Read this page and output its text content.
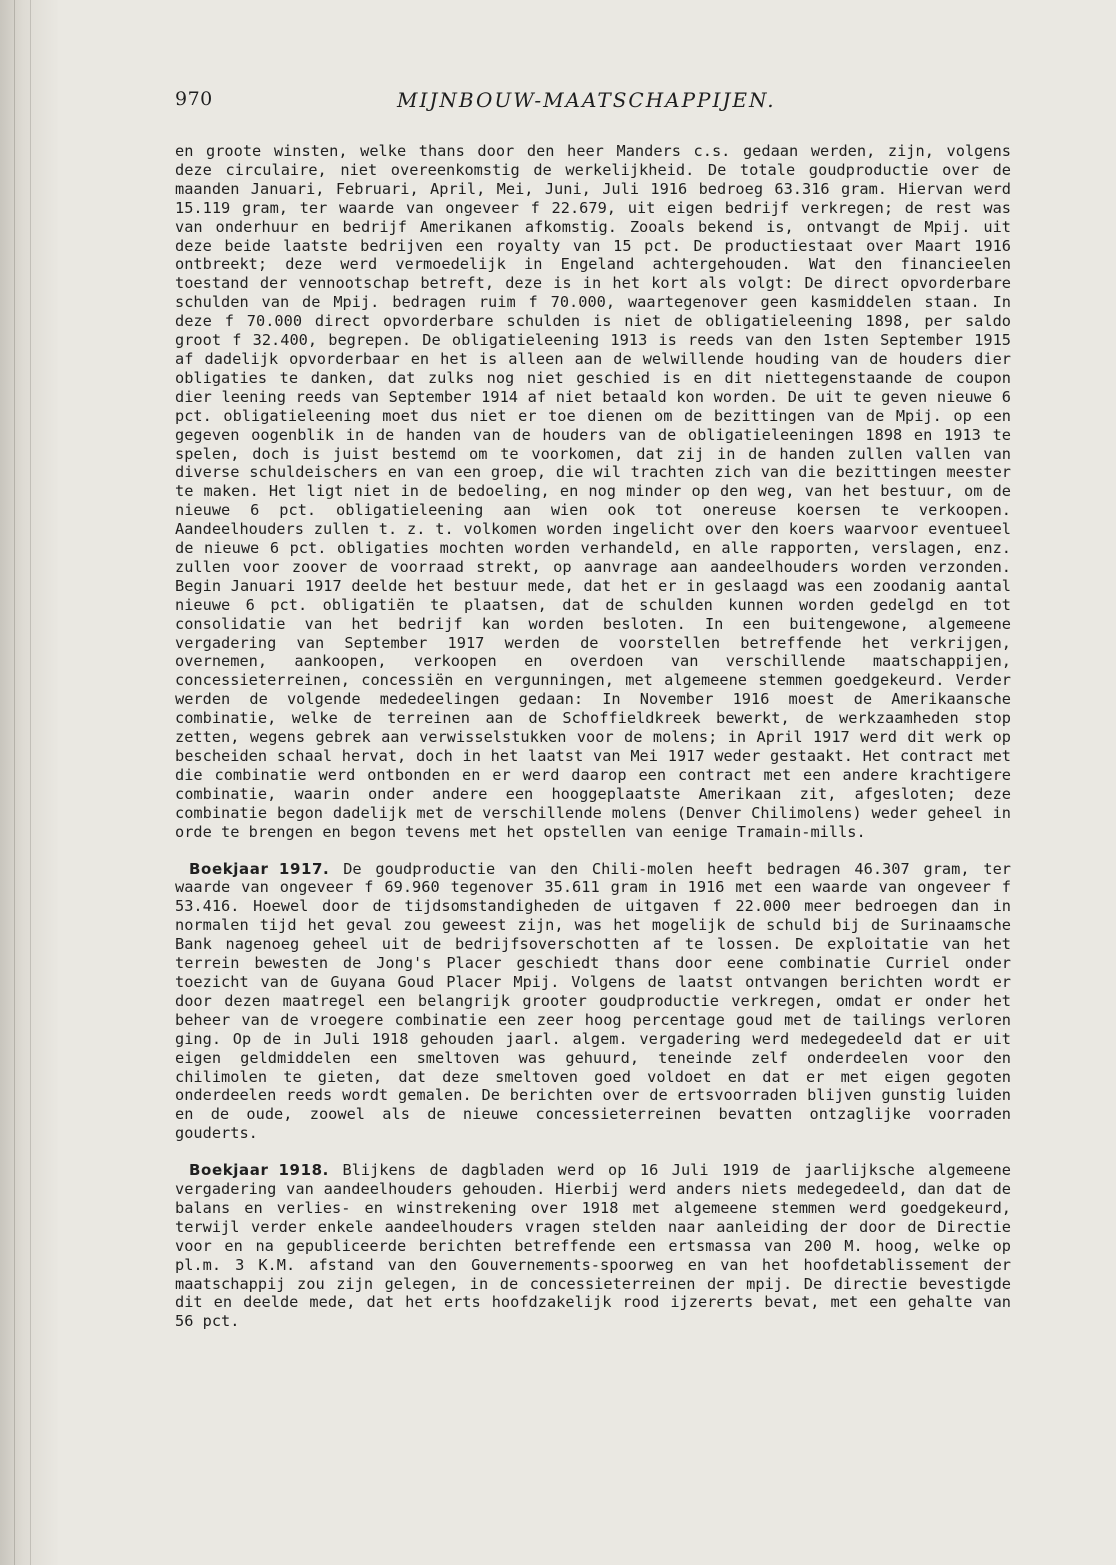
970	MIJNBOUW-MAATSCHAPPIJEN.

en groote winsten, welke thans door den heer Manders c.s. gedaan werden, zijn, volgens deze circulaire, niet overeenkomstig de werkelijkheid. De totale goudproductie over de maanden Januari, Februari, April, Mei, Juni, Juli 1916 bedroeg 63.316 gram. Hiervan werd 15.119 gram, ter waarde van ongeveer f 22.679, uit eigen bedrijf verkregen; de rest was van onderhuur en bedrijf Amerikanen afkomstig. Zooals bekend is, ontvangt de Mpij. uit deze beide laatste bedrijven een royalty van 15 pct. De productiestaat over Maart 1916 ontbreekt; deze werd vermoedelijk in Engeland achtergehouden. Wat den financieelen toestand der vennootschap betreft, deze is in het kort als volgt: De direct opvorderbare schulden van de Mpij. bedragen ruim f 70.000, waartegenover geen kasmiddelen staan. In deze f 70.000 direct opvorderbare schulden is niet de obligatieleening 1898, per saldo groot f 32.400, begrepen. De obligatieleening 1913 is reeds van den 1sten September 1915 af dadelijk opvorderbaar en het is alleen aan de welwillende houding van de houders dier obligaties te danken, dat zulks nog niet geschied is en dit niettegenstaande de coupon dier leening reeds van September 1914 af niet betaald kon worden. De uit te geven nieuwe 6 pct. obligatieleening moet dus niet er toe dienen om de bezittingen van de Mpij. op een gegeven oogenblik in de handen van de houders van de obligatieleeningen 1898 en 1913 te spelen, doch is juist bestemd om te voorkomen, dat zij in de handen zullen vallen van diverse schuldeischers en van een groep, die wil trachten zich van die bezittingen meester te maken. Het ligt niet in de bedoeling, en nog minder op den weg, van het bestuur, om de nieuwe 6 pct. obligatieleening aan wien ook tot onereuse koersen te verkoopen. Aandeelhouders zullen t. z. t. volkomen worden ingelicht over den koers waarvoor eventueel de nieuwe 6 pct. obligaties mochten worden verhandeld, en alle rapporten, verslagen, enz. zullen voor zoover de voorraad strekt, op aanvrage aan aandeelhouders worden verzonden. Begin Januari 1917 deelde het bestuur mede, dat het er in geslaagd was een zoodanig aantal nieuwe 6 pct. obligatiën te plaatsen, dat de schulden kunnen worden gedelgd en tot consolidatie van het bedrijf kan worden besloten. In een buitengewone, algemeene vergadering van September 1917 werden de voorstellen betreffende het verkrijgen, overnemen, aankoopen, verkoopen en overdoen van verschillende maatschappijen, concessieterreinen, concessiën en vergunningen, met algemeene stemmen goedgekeurd. Verder werden de volgende mededeelingen gedaan: In November 1916 moest de Amerikaansche combinatie, welke de terreinen aan de Schoffieldkreek bewerkt, de werkzaamheden stop zetten, wegens gebrek aan verwisselstukken voor de molens; in April 1917 werd dit werk op bescheiden schaal hervat, doch in het laatst van Mei 1917 weder gestaakt. Het contract met die combinatie werd ontbonden en er werd daarop een contract met een andere krachtigere combinatie, waarin onder andere een hooggeplaatste Amerikaan zit, afgesloten; deze combinatie begon dadelijk met de verschillende molens (Denver Chilimolens) weder geheel in orde te brengen en begon tevens met het opstellen van eenige Tramain-mills.

Boekjaar 1917. De goudproductie van den Chili-molen heeft bedragen 46.307 gram, ter waarde van ongeveer f 69.960 tegenover 35.611 gram in 1916 met een waarde van ongeveer f 53.416. Hoewel door de tijdsomstandigheden de uitgaven f 22.000 meer bedroegen dan in normalen tijd het geval zou geweest zijn, was het mogelijk de schuld bij de Surinaamsche Bank nagenoeg geheel uit de bedrijfsoverschotten af te lossen. De exploitatie van het terrein bewesten de Jong's Placer geschiedt thans door eene combinatie Curriel onder toezicht van de Guyana Goud Placer Mpij. Volgens de laatst ontvangen berichten wordt er door dezen maatregel een belangrijk grooter goudproductie verkregen, omdat er onder het beheer van de vroegere combinatie een zeer hoog percentage goud met de tailings verloren ging. Op de in Juli 1918 gehouden jaarl. algem. vergadering werd medegedeeld dat er uit eigen geldmiddelen een smeltoven was gehuurd, teneinde zelf onderdeelen voor den chilimolen te gieten, dat deze smeltoven goed voldoet en dat er met eigen gegoten onderdeelen reeds wordt gemalen. De berichten over de ertsvoorraden blijven gunstig luiden en de oude, zoowel als de nieuwe concessieterreinen bevatten ontzaglijke voorraden gouderts.

Boekjaar 1918. Blijkens de dagbladen werd op 16 Juli 1919 de jaarlijksche algemeene vergadering van aandeelhouders gehouden. Hierbij werd anders niets medegedeeld, dan dat de balans en verlies- en winstrekening over 1918 met algemeene stemmen werd goedgekeurd, terwijl verder enkele aandeelhouders vragen stelden naar aanleiding der door de Directie voor en na gepubliceerde berichten betreffende een ertsmassa van 200 M. hoog, welke op pl.m. 3 K.M. afstand van den Gouvernements-spoorweg en van het hoofdetablissement der maatschappij zou zijn gelegen, in de concessieterreinen der mpij. De directie bevestigde dit en deelde mede, dat het erts hoofdzakelijk rood ijzererts bevat, met een gehalte van 56 pct.
